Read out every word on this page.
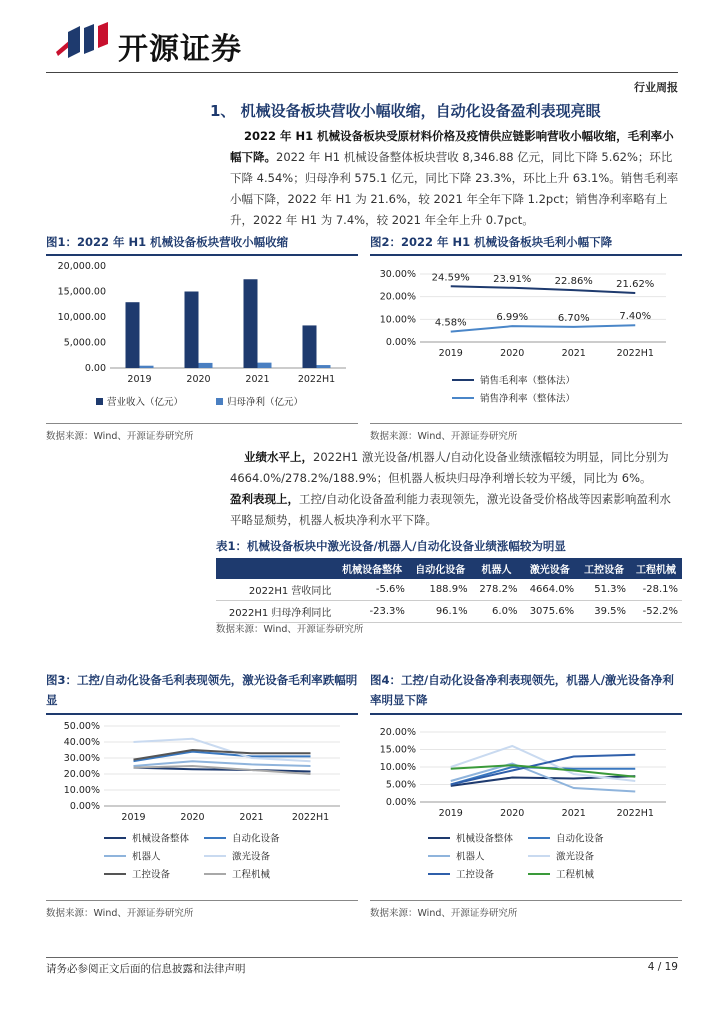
开源证券
行业周报
1、 机械设备板块营收小幅收缩，自动化设备盈利表现亮眼
2022 年 H1 机械设备板块受原材料价格及疫情供应链影响营收小幅收缩，毛利率小幅下降。2022 年 H1 机械设备整体板块营收 8,346.88 亿元，同比下降 5.62%；环比下降 4.54%；归母净利 575.1 亿元，同比下降 23.3%，环比上升 63.1%。销售毛利率小幅下降，2022 年 H1 为 21.6%，较 2021 年全年下降 1.2pct；销售净利率略有上升，2022 年 H1 为 7.4%，较 2021 年全年上升 0.7pct。
图1：2022 年 H1 机械设备板块营收小幅收缩
20,000.00
15,000.00
10,000.00
5,000.00
0.00
2019	2020	2021	2022H1
营业收入（亿元）	归母净利（亿元）
数据来源：Wind、开源证券研究所
图2：2022 年 H1 机械设备板块毛利小幅下降
30.00%
20.00%
10.00%
0.00%
2019	2020	2021	2022H1
24.59% 23.91% 22.86% 21.62%
4.58%	6.99%	6.70%	7.40%
销售毛利率（整体法）
销售净利率（整体法）
数据来源：Wind、开源证券研究所
业绩水平上，2022H1 激光设备/机器人/自动化设备业绩涨幅较为明显，同比分别为 4664.0%/278.2%/188.9%；但机器人板块归母净利增长较为平缓，同比为 6%。
盈利表现上，工控/自动化设备盈利能力表现领先，激光设备受价格战等因素影响盈利水平略显颓势，机器人板块净利水平下降。
表1：机械设备板块中激光设备/机器人/自动化设备业绩涨幅较为明显
	机械设备整体	自动化设备	机器人	激光设备	工控设备	工程机械
2022H1 营收同比	-5.6%	188.9%	278.2%	4664.0%	51.3%	-28.1%
2022H1 归母净利同比	-23.3%	96.1%	6.0%	3075.6%	39.5%	-52.2%
数据来源：Wind、开源证券研究所
图3：工控/自动化设备毛利表现领先，激光设备毛利率跌幅明显
50.00%
40.00%
30.00%
20.00%
10.00%
0.00%
2019	2020	2021	2022H1
机械设备整体	自动化设备
机器人	激光设备
工控设备	工程机械
数据来源：Wind、开源证券研究所
图4：工控/自动化设备净利表现领先，机器人/激光设备净利率明显下降
20.00%
15.00%
10.00%
5.00%
0.00%
2019	2020	2021	2022H1
机械设备整体	自动化设备
机器人	激光设备
工控设备	工程机械
数据来源：Wind、开源证券研究所
请务必参阅正文后面的信息披露和法律声明	4 / 19
